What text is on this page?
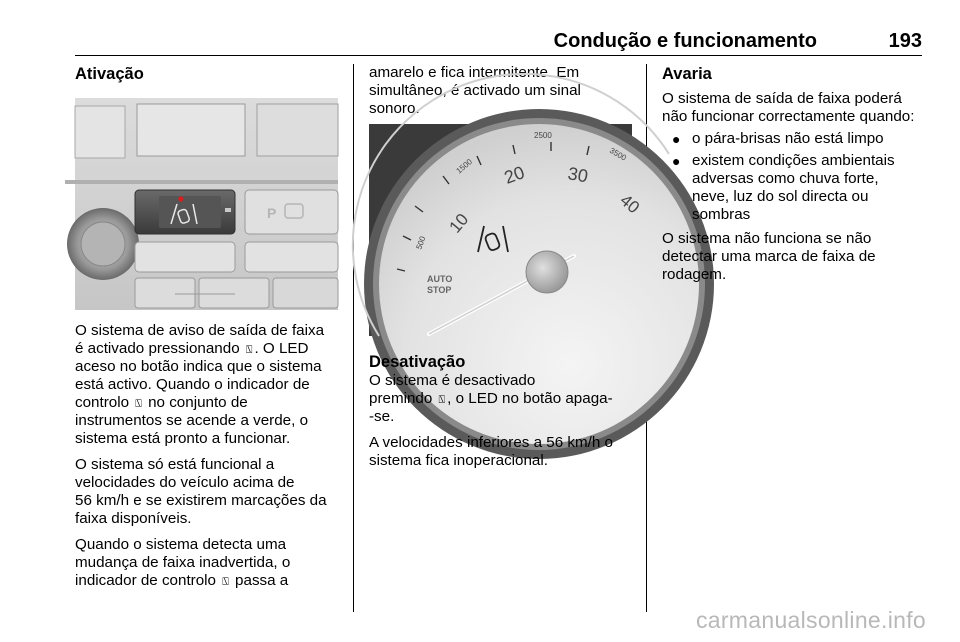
Condução e funcionamento	193
Ativação
P

O sistema de aviso de saída de faixa
é activado pressionando ⍂ . O LED
aceso no botão indica que o sistema
está activo. Quando o indicador de
controlo ⍂ no conjunto de
instrumentos se acende a verde, o
sistema está pronto a funcionar.

O sistema só está funcional a
velocidades do veículo acima de
56 km/h e se existirem marcações da
faixa disponíveis.

Quando o sistema detecta uma
mudança de faixa inadvertida, o
indicador de controlo ⍂ passa a

amarelo e fica intermitente. Em
simultâneo, é activado um sinal
sonoro.

10
20 30
40
500
1500
2500
3500
AUTO
STOP
Desativação

O sistema é desactivado
premindo ⍂ , o LED no botão apaga-
-se.

A velocidades inferiores a 56 km/h o
sistema fica inoperacional.

Avaria

O sistema de saída de faixa poderá
não funcionar correctamente quando:

● o pára-brisas não está limpo
● existem condições ambientais
adversas como chuva forte,
neve, luz do sol directa ou
sombras

O sistema não funciona se não
detectar uma marca de faixa de
rodagem.

carmanualsonline.info
